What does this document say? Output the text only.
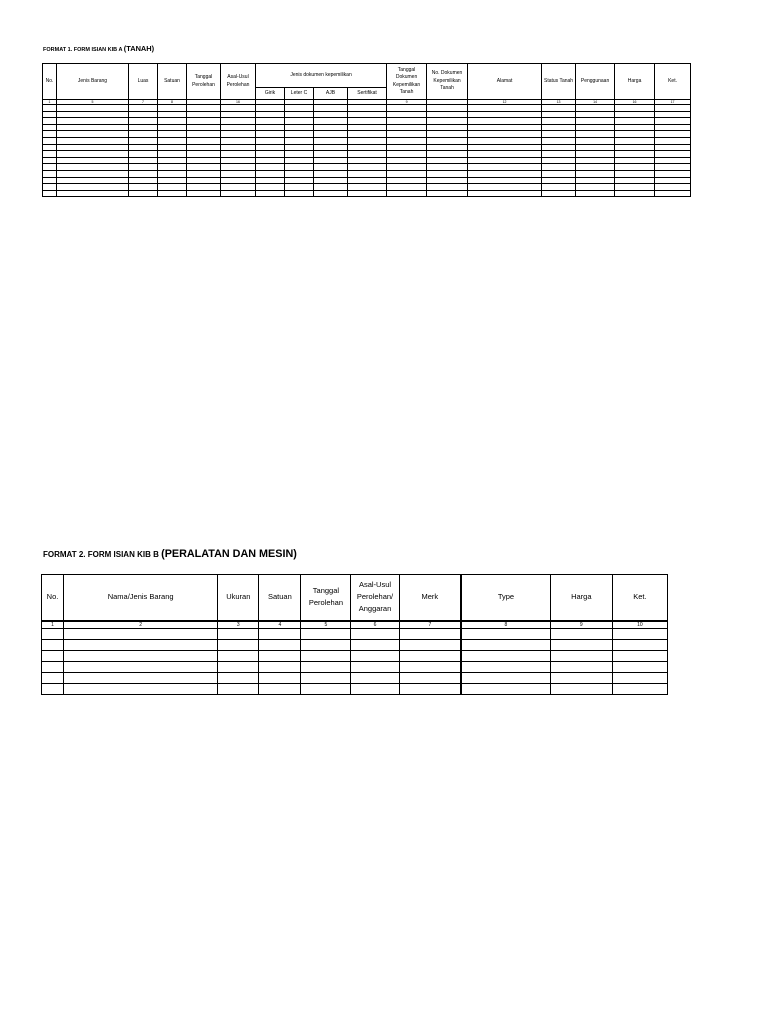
FORMAT 1. FORM ISIAN KIB A (TANAH)
No.	Jenis Barang	Luas	Satuan	Tanggal Perolehan	Asal-Usul Perolehan	Jenis dokumen kepemilikan				Tanggal Dokumen Kepemilikan Tanah	No. Dokumen Kepemilikan Tanah	Alamat	Status Tanah	Penggunaan	Harga	Ket.
						Girik	Leter C	AJB	Sertifikat							
1	5	7	8		16					9		12	13	14	16	17

FORMAT 2. FORM ISIAN KIB B (PERALATAN DAN MESIN)
No.	Nama/Jenis Barang	Ukuran	Satuan	Tanggal Perolehan	Asal-Usul Perolehan/ Anggaran	Merk	Type	Harga	Ket.
1	2	3	4	5	6	7	8	9	10
